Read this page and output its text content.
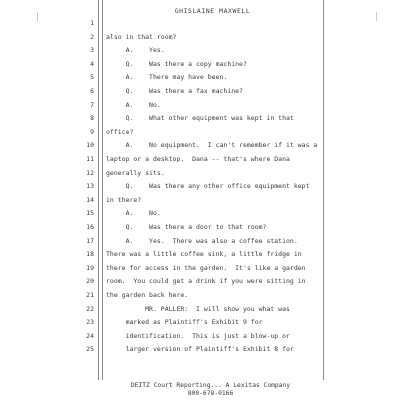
GHISLAINE MAXWELL
1
2 also in that room?
3 A.    Yes.
4 Q.    Was there a copy machine?
5 A.    There may have been.
6 Q.    Was there a fax machine?
7 A.    No.
8 Q.    What other equipment was kept in that
9 office?
10 A.    No equipment.  I can't remember if it was a
11 laptop or a desktop.  Dana -- that's where Dana
12 generally sits.
13 Q.    Was there any other office equipment kept
14 in there?
15 A.    No.
16 Q.    Was there a door to that room?
17 A.    Yes.  There was also a coffee station.
18 There was a little coffee sink, a little fridge in
19 there for access in the garden.  It's like a garden
20 room.  You could get a drink if you were sitting in
21 the garden back here.
22 MR. PALLER:  I will show you what was
23 marked as Plaintiff's Exhibit 9 for
24 identification.  This is just a blow-up or
25 larger version of Plaintiff's Exhibit 8 for
DEITZ Court Reporting... A Lexitas Company
800-678-0166
